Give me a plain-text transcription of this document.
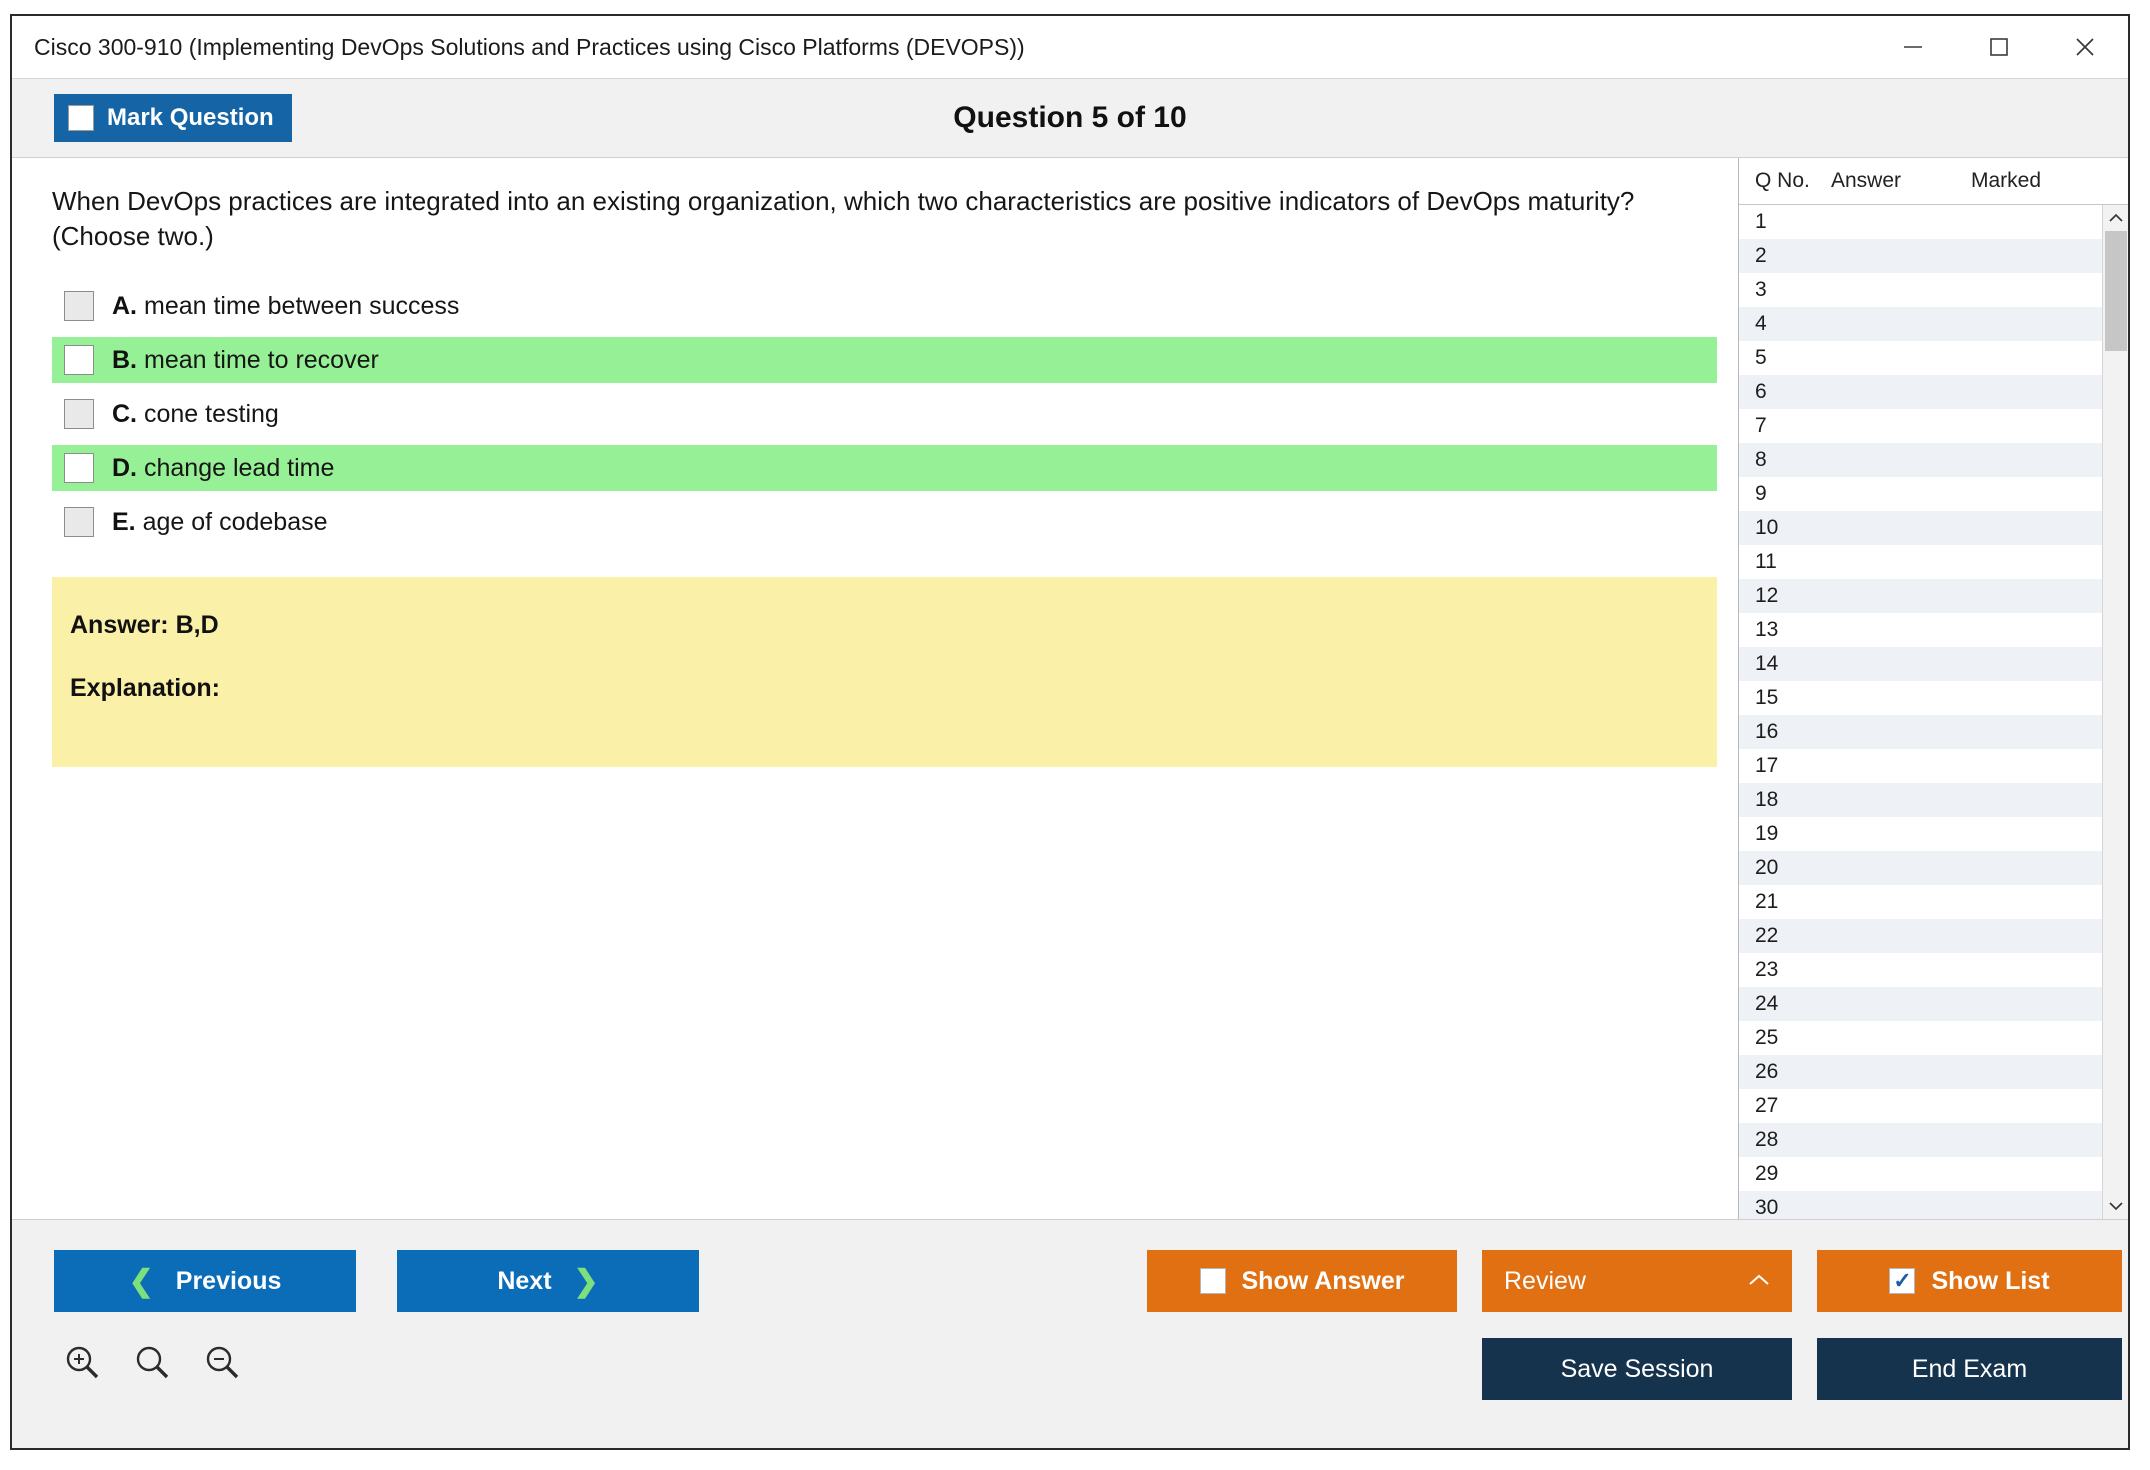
Cisco 300-910 (Implementing DevOps Solutions and Practices using Cisco Platforms (DEVOPS))
Mark Question	Question 5 of 10
When DevOps practices are integrated into an existing organization, which two characteristics are positive indicators of DevOps maturity? (Choose two.)
A. mean time between success
B. mean time to recover
C. cone testing
D. change lead time
E. age of codebase
Answer: B,D
Explanation:
Q No.	Answer	Marked
1
2
3
4
5
6
7
8
9
10
11
12
13
14
15
16
17
18
19
20
21
22
23
24
25
26
27
28
29
30
❮ Previous	Next ❯	Show Answer	Review	✓ Show List
Save Session	End Exam
